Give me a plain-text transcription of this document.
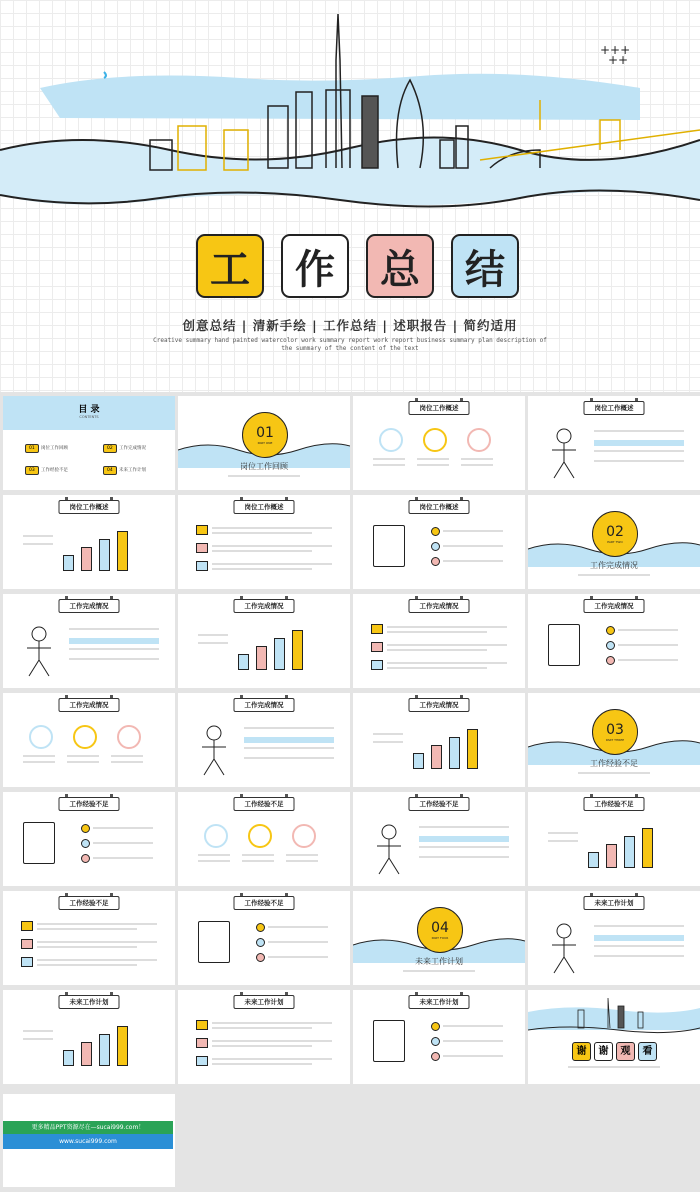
+++
++
工	作	总	结
创意总结 | 清新手绘 | 工作总结 | 述职报告 | 简约适用
Creative summary hand painted watercolor work summary report work report business summary plan description of
the summary of the content of the text
目 录
CONTENTS
01	岗位工作回顾	02	工作完成情况
03	工作经验不足	04	未来工作计划
01
PART ONE
岗位工作回顾
岗位工作概述	岗位工作概述
岗位工作概述	岗位工作概述	岗位工作概述
02
PART TWO
工作完成情况
工作完成情况	工作完成情况	工作完成情况	工作完成情况
工作完成情况	工作完成情况	工作完成情况
03
PART THREE
工作经验不足
工作经验不足	工作经验不足	工作经验不足	工作经验不足
工作经验不足	工作经验不足
04
PART FOUR
未来工作计划
未来工作计划
未来工作计划	未来工作计划	未来工作计划
谢	谢	观	看
更多精品PPT资源尽在—sucai999.com！
www.sucai999.com
